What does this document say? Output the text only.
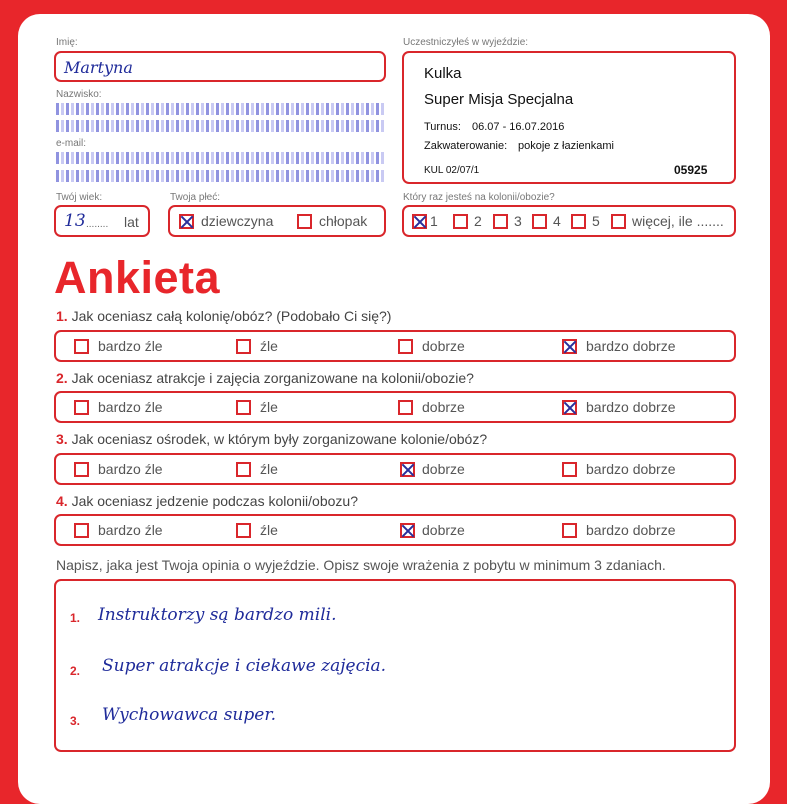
Imię:
Martyna
Nazwisko:
e-mail:
Twój wiek:
13 ........ lat
Twoja płeć:
dziewczyna	chłopak
Uczestniczyłeś w wyjeździe:
Kulka
Super Misja Specjalna
Turnus: 06.07 - 16.07.2016
Zakwaterowanie: pokoje z łazienkami
KUL 02/07/1	05925
Który raz jesteś na kolonii/obozie?
1	2 3 4 5 więcej, ile .......
Ankieta
1. Jak oceniasz całą kolonię/obóz? (Podobało Ci się?)
bardzo źle	źle	dobrze	bardzo dobrze
2. Jak oceniasz atrakcje i zajęcia zorganizowane na kolonii/obozie?
bardzo źle	źle	dobrze	bardzo dobrze
3. Jak oceniasz ośrodek, w którym były zorganizowane kolonie/obóz?
bardzo źle	źle	dobrze	bardzo dobrze
4. Jak oceniasz jedzenie podczas kolonii/obozu?
bardzo źle	źle	dobrze	bardzo dobrze
Napisz, jaka jest Twoja opinia o wyjeździe. Opisz swoje wrażenia z pobytu w minimum 3 zdaniach.
1. Instruktorzy są bardzo mili.
2. Super atrakcje i ciekawe zajęcia.
3. Wychowawca super.
